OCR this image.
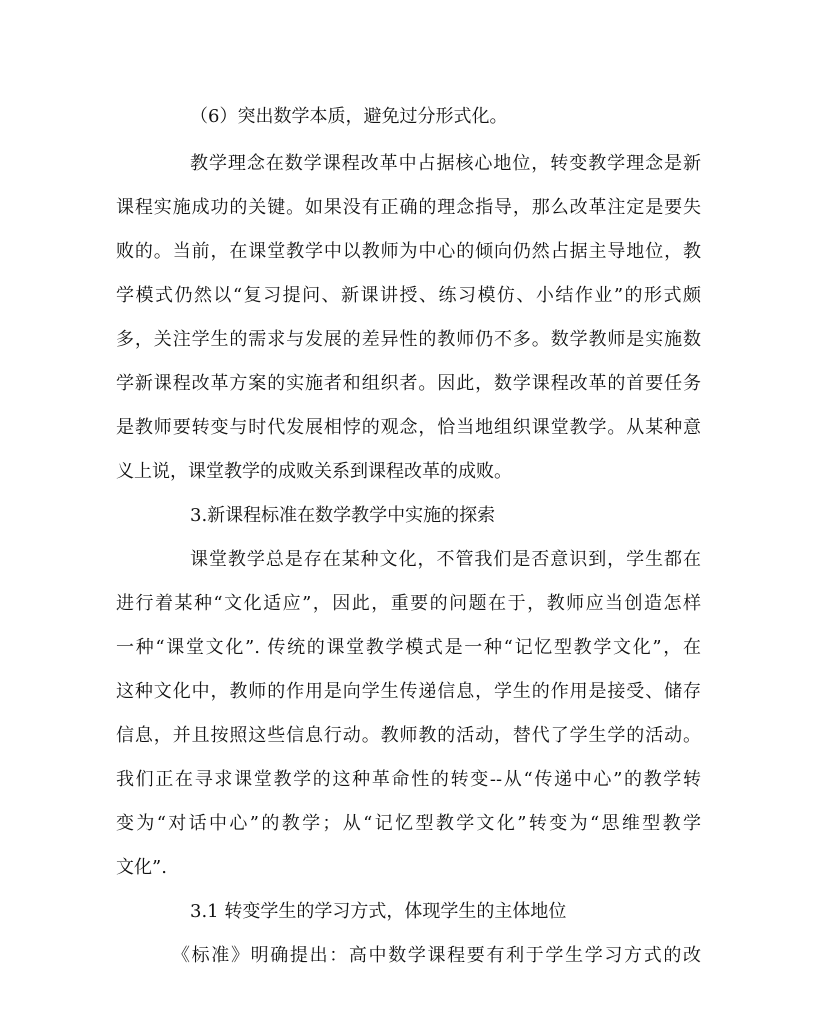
（6）突出数学本质，避免过分形式化。
教学理念在数学课程改革中占据核心地位，转变教学理念是新
课程实施成功的关键。如果没有正确的理念指导，那么改革注定是要失
败的。当前，在课堂教学中以教师为中心的倾向仍然占据主导地位，教
学模式仍然以“复习提问、新课讲授、练习模仿、小结作业”的形式颇
多，关注学生的需求与发展的差异性的教师仍不多。数学教师是实施数
学新课程改革方案的实施者和组织者。因此，数学课程改革的首要任务
是教师要转变与时代发展相悖的观念，恰当地组织课堂教学。从某种意
义上说，课堂教学的成败关系到课程改革的成败。
3.新课程标准在数学教学中实施的探索
课堂教学总是存在某种文化，不管我们是否意识到，学生都在
进行着某种“文化适应”，因此，重要的问题在于，教师应当创造怎样
一种“课堂文化”. 传统的课堂教学模式是一种“记忆型教学文化”，在
这种文化中，教师的作用是向学生传递信息，学生的作用是接受、储存
信息，并且按照这些信息行动。教师教的活动，替代了学生学的活动。
我们正在寻求课堂教学的这种革命性的转变--从“传递中心”的教学转
变为“对话中心”的教学；从“记忆型教学文化”转变为“思维型教学
文化”.
3.1 转变学生的学习方式，体现学生的主体地位
《标准》明确提出：高中数学课程要有利于学生学习方式的改
